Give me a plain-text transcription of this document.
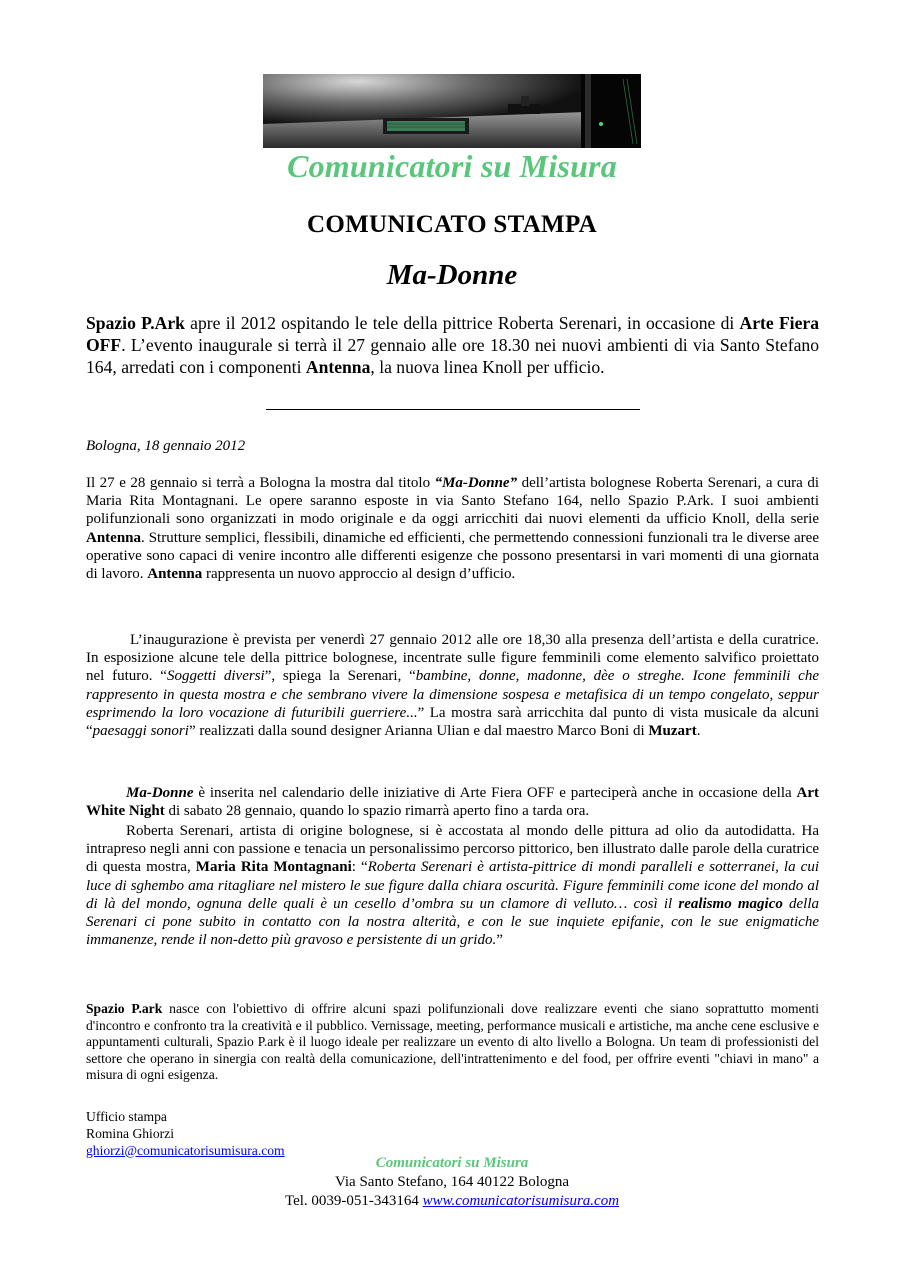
Comunicatori su Misura
COMUNICATO STAMPA
Ma-Donne

Spazio P.Ark apre il 2012 ospitando le tele della pittrice Roberta Serenari, in occasione di Arte Fiera OFF. L’evento inaugurale si terrà il 27 gennaio alle ore 18.30 nei nuovi ambienti di via Santo Stefano 164, arredati con i componenti Antenna, la nuova linea Knoll per ufficio.

Bologna, 18 gennaio 2012

Il 27 e 28 gennaio si terrà a Bologna la mostra dal titolo “Ma-Donne” dell’artista bolognese Roberta Serenari, a cura di Maria Rita Montagnani. Le opere saranno esposte in via Santo Stefano 164, nello Spazio P.Ark. I suoi ambienti polifunzionali sono organizzati in modo originale e da oggi arricchiti dai nuovi elementi da ufficio Knoll, della serie Antenna. Strutture semplici, flessibili, dinamiche ed efficienti, che permettendo connessioni funzionali tra le diverse aree operative sono capaci di venire incontro alle differenti esigenze che possono presentarsi in vari momenti di una giornata di lavoro. Antenna rappresenta un nuovo approccio al design d’ufficio.

L’inaugurazione è prevista per venerdì 27 gennaio 2012 alle ore 18,30 alla presenza dell’artista e della curatrice. In esposizione alcune tele della pittrice bolognese, incentrate sulle figure femminili come elemento salvifico proiettato nel futuro. “Soggetti diversi”, spiega la Serenari, “bambine, donne, madonne, dèe o streghe. Icone femminili che rappresento in questa mostra e che sembrano vivere la dimensione sospesa e metafisica di un tempo congelato, seppur esprimendo la loro vocazione di futuribili guerriere...” La mostra sarà arricchita dal punto di vista musicale da alcuni “paesaggi sonori” realizzati dalla sound designer Arianna Ulian e dal maestro Marco Boni di Muzart.

Ma-Donne è inserita nel calendario delle iniziative di Arte Fiera OFF e parteciperà anche in occasione della Art White Night di sabato 28 gennaio, quando lo spazio rimarrà aperto fino a tarda ora.

Roberta Serenari, artista di origine bolognese, si è accostata al mondo delle pittura ad olio da autodidatta. Ha intrapreso negli anni con passione e tenacia un personalissimo percorso pittorico, ben illustrato dalle parole della curatrice di questa mostra, Maria Rita Montagnani: “Roberta Serenari è artista-pittrice di mondi paralleli e sotterranei, la cui luce di sghembo ama ritagliare nel mistero le sue figure dalla chiara oscurità. Figure femminili come icone del mondo al di là del mondo, ognuna delle quali è un cesello d’ombra su un clamore di velluto… così il realismo magico della Serenari ci pone subito in contatto con la nostra alterità, e con le sue inquiete epifanie, con le sue enigmatiche immanenze, rende il non-detto più gravoso e persistente di un grido.”

Spazio P.ark nasce con l'obiettivo di offrire alcuni spazi polifunzionali dove realizzare eventi che siano soprattutto momenti d'incontro e confronto tra la creatività e il pubblico. Vernissage, meeting, performance musicali e artistiche, ma anche cene esclusive e appuntamenti culturali, Spazio P.ark è il luogo ideale per realizzare un evento di alto livello a Bologna. Un team di professionisti del settore che operano in sinergia con realtà della comunicazione, dell'intrattenimento e del food, per offrire eventi "chiavi in mano" a misura di ogni esigenza.

Ufficio stampa
Romina Ghiorzi
ghiorzi@comunicatorisumisura.com
Comunicatori su Misura
Via Santo Stefano, 164 40122 Bologna
Tel. 0039-051-343164 www.comunicatorisumisura.com
